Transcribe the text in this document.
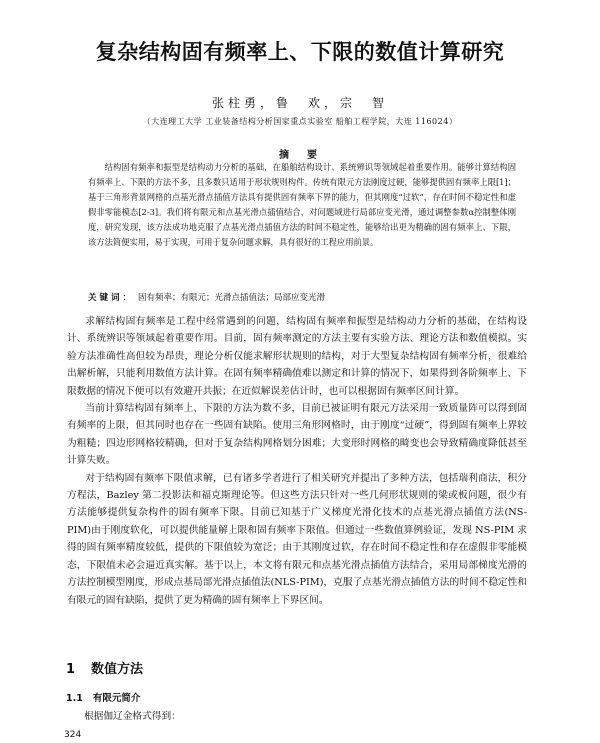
复杂结构固有频率上、下限的数值计算研究
张柱勇，鲁　欢，宗　智
（大连理工大学 工业装备结构分析国家重点实验室 船舶工程学院，大连 116024）
摘　要
结构固有频率和振型是结构动力分析的基础，在船舶结构设计、系统辨识等领域起着重要作用。能够计算结构固有频率上、下限的方法不多，且多数只适用于形状规则构件。传统有限元方法刚度过硬，能够提供固有频率上限[1]；基于三角形背景网格的点基光滑点插值方法具有提供固有频率下界的能力，但其刚度“过软”，存在时间不稳定性和虚假非零能模态[2-3]。我们将有限元和点基光滑点插值结合，对问题域进行局部应变光滑，通过调整参数α控制整体刚度，研究发现，该方法成功地克服了点基光滑点插值方法的时间不稳定性，能够给出更为精确的固有频率上、下限，该方法简便实用，易于实现，可用于复杂问题求解，具有很好的工程应用前景。
关键词： 固有频率；有限元；光滑点插值法；局部应变光滑

求解结构固有频率是工程中经常遇到的问题，结构固有频率和振型是结构动力分析的基础，在结构设计、系统辨识等领域起着重要作用。目前，固有频率测定的方法主要有实验方法、理论方法和数值模拟。实验方法准确性高但较为昂贵，理论分析仅能求解形状规则的结构，对于大型复杂结构固有频率分析，很难给出解析解，只能利用数值方法计算。在固有频率精确值难以测定和计算的情况下，如果得到各阶频率上、下限数据的情况下便可以有效避开共振；在近似解误差估计时，也可以根据固有频率区间计算。

当前计算结构固有频率上、下限的方法为数不多，目前已被证明有限元方法采用一致质量阵可以得到固有频率的上限，但其同时也存在一些固有缺陷。使用三角形网格时，由于刚度“过硬”，得到固有频率上界较为粗糙；四边形网格较精确，但对于复杂结构网格划分困难；大变形时网格的畸变也会导致精确度降低甚至计算失败。

对于结构固有频率下限值求解，已有诸多学者进行了相关研究并提出了多种方法，包括瑞利商法，积分方程法，Bazley 第二投影法和福克斯理论等。但这些方法只针对一些几何形状规则的梁或板问题，很少有方法能够提供复杂构件的固有频率下限。目前已知基于广义梯度光滑化技术的点基光滑点插值方法(NS-PIM)由于刚度软化，可以提供能量解上限和固有频率下限值。但通过一些数值算例验证，发现 NS-PIM 求得的固有频率精度较低，提供的下限值较为宽泛；由于其刚度过软，存在时间不稳定性和存在虚假非零能模态，下限值未必会逼近真实解。基于以上，本文将有限元和点基光滑点插值方法结合，采用局部梯度光滑的方法控制模型刚度，形成点基局部光滑点插值法(NLS-PIM)，克服了点基光滑点插值方法的时间不稳定性和有限元的固有缺陷，提供了更为精确的固有频率上下界区间。

1 数值方法
1.1 有限元简介
根据伽辽金格式得到：
324
